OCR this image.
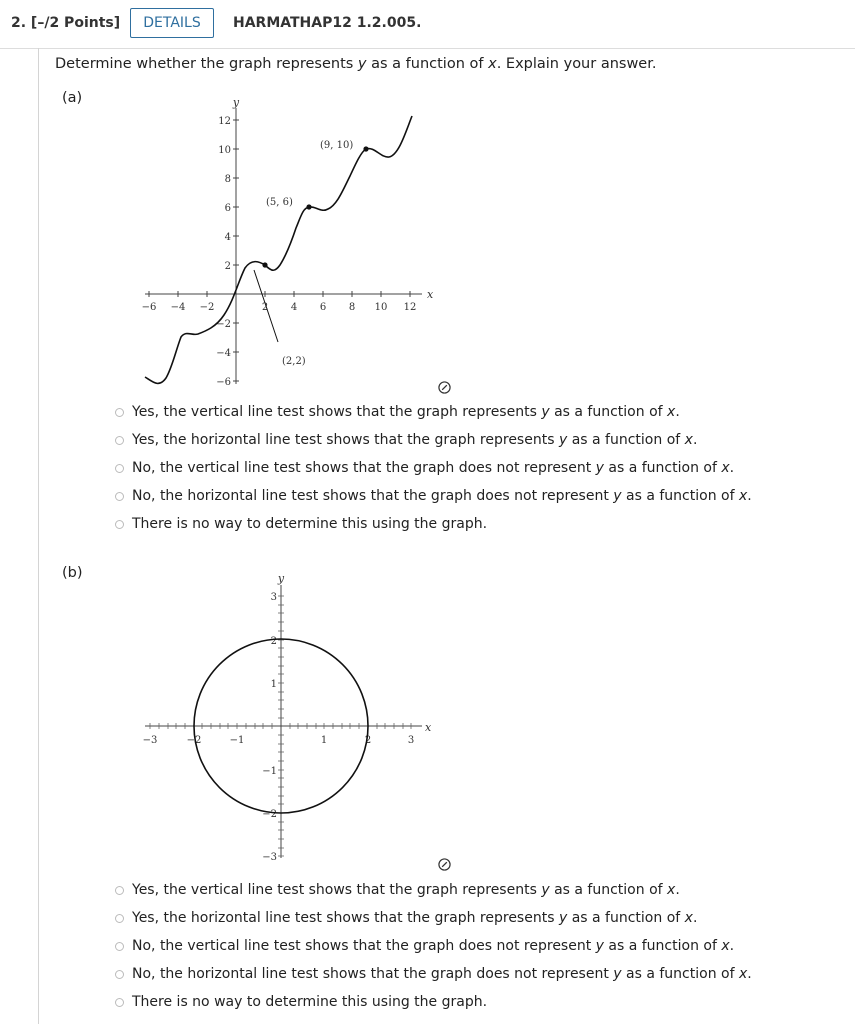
2. [–/2 Points]	DETAILS	HARMATHAP12 1.2.005.
Determine whether the graph represents y as a function of x. Explain your answer.
(a)
−6 −4 −2	2 4 6 8 10 12
12
10
8
6
4
2
−2
−4
−6
y
x
(9, 10)
(5, 6)
(2,2)
Yes, the vertical line test shows that the graph represents y as a function of x.
Yes, the horizontal line test shows that the graph represents y as a function of x.
No, the vertical line test shows that the graph does not represent y as a function of x.
No, the horizontal line test shows that the graph does not represent y as a function of x.
There is no way to determine this using the graph.
(b)
−3	−2	−1	1	2	3
3
2
1
−1
−2
−3
y
x
Yes, the vertical line test shows that the graph represents y as a function of x.
Yes, the horizontal line test shows that the graph represents y as a function of x.
No, the vertical line test shows that the graph does not represent y as a function of x.
No, the horizontal line test shows that the graph does not represent y as a function of x.
There is no way to determine this using the graph.
